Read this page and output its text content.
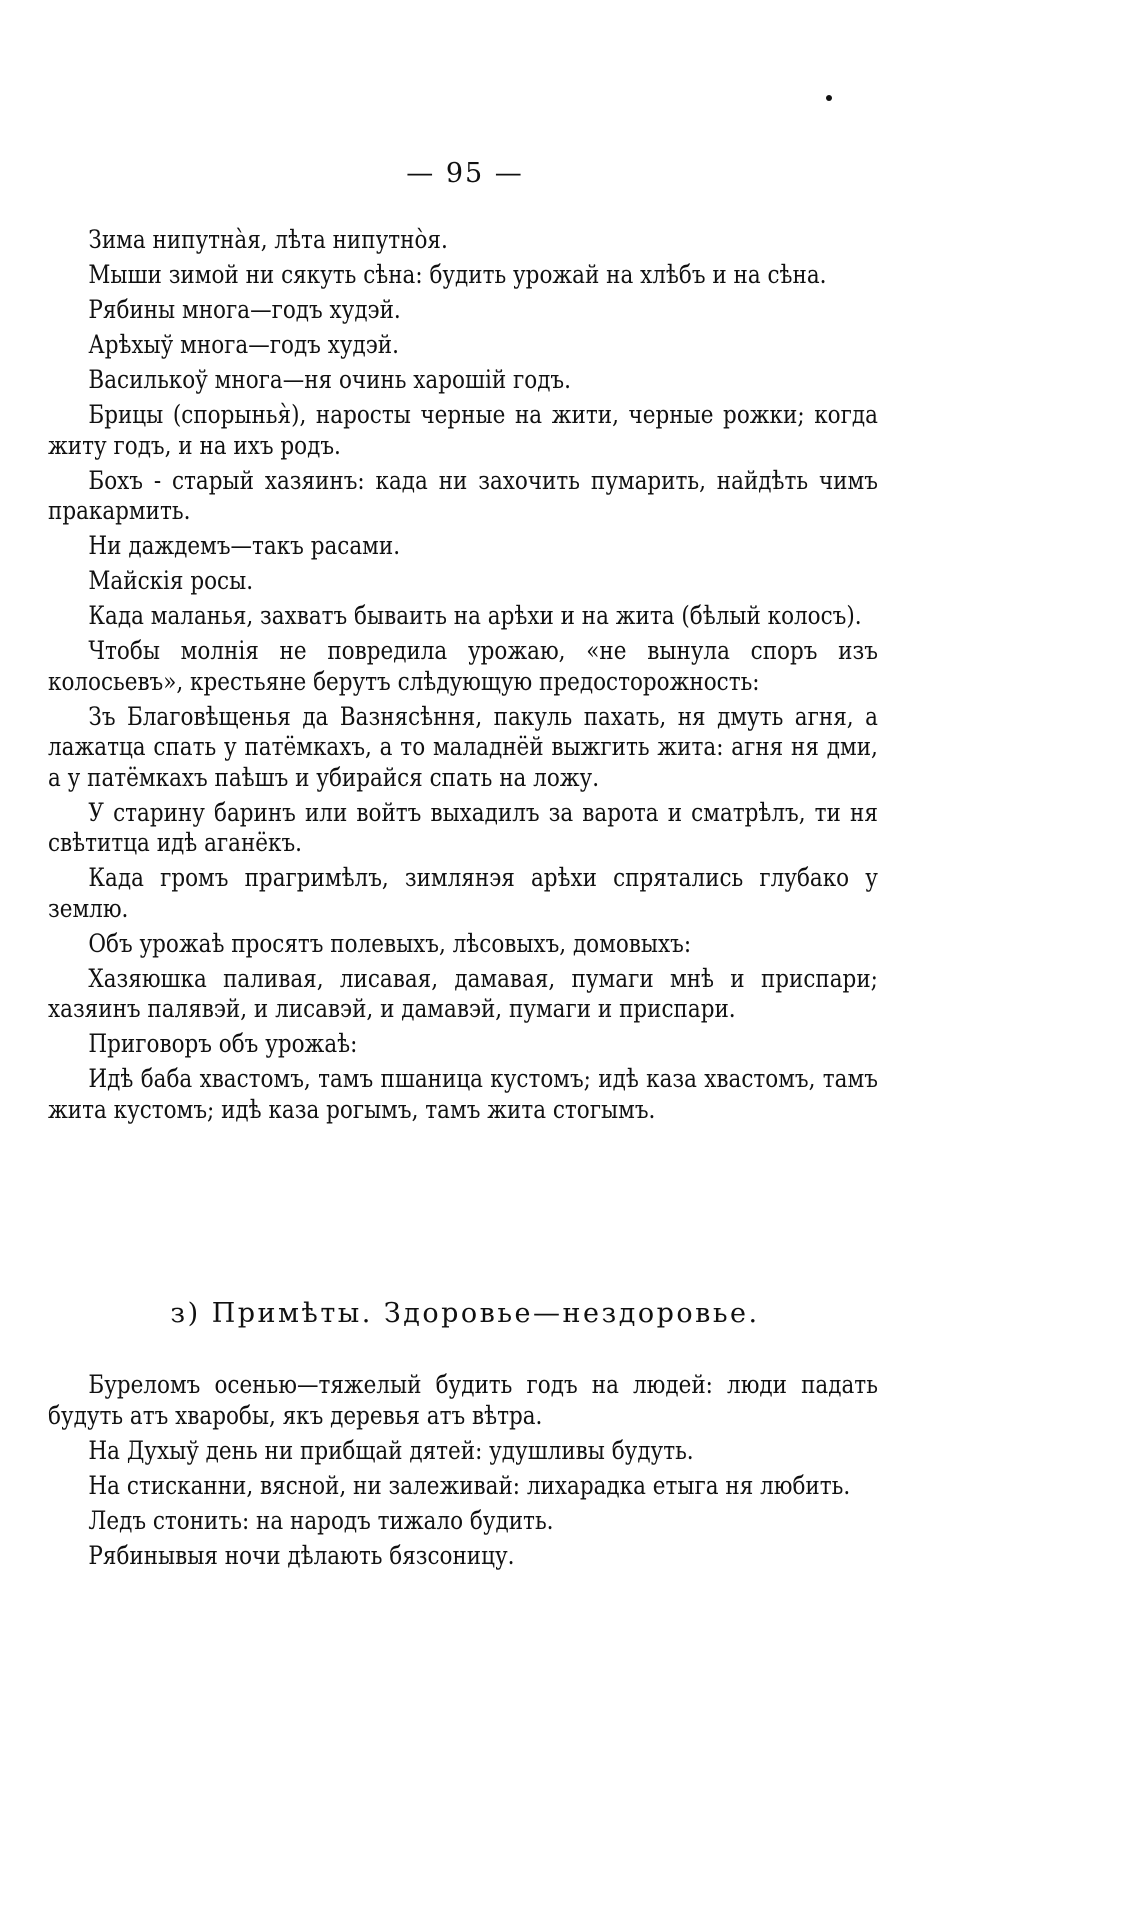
— 95 —

Зима нипутнàя, лѣта нипутнòя.

Мыши зимой ни сякуть сѣна: будить урожай на хлѣбъ и на сѣна.

Рябины многа—годъ худэй.

Арѣхыў многа—годъ худэй.

Василькоў многа—ня очинь харошій годъ.

Брицы (спорынья̀), наросты черные на жити, черные рожки; когда житу годъ, и на ихъ родъ.

Бохъ - старый хазяинъ: када ни захочить пумарить, найдѣть чимъ пракармить.

Ни даждемъ—такъ расами.

Майскія росы.

Када маланья, захватъ бываить на арѣхи и на жита (бѣлый колосъ).

Чтобы молнія не повредила урожаю, «не вынула споръ изъ колосьевъ», крестьяне берутъ слѣдующую предосторожность:

Зъ Благовѣщенья да Вазнясѣння, пакуль пахать, ня дмуть агня, а лажатца спать у патёмкахъ, а то маладнёй выжгить жита: агня ня дми, а у патёмкахъ паѣшъ и убирайся спать на ложу.

У старину баринъ или войтъ выхадилъ за варота и сматрѣлъ, ти ня свѣтитца идѣ аганёкъ.

Када громъ прагримѣлъ, зимлянэя арѣхи спрятались глубако у землю.

Объ урожаѣ просятъ полевыхъ, лѣсовыхъ, домовыхъ:

Хазяюшка паливая, лисавая, дамавая, пумаги мнѣ и приспари; хазяинъ палявэй, и лисавэй, и дамавэй, пумаги и приспари.

Приговоръ объ урожаѣ:

Идѣ баба хвастомъ, тамъ пшаница кустомъ; идѣ каза хвастомъ, тамъ жита кустомъ; идѣ каза рогымъ, тамъ жита стогымъ.

з) Примѣты. Здоровье—нездоровье.

Буреломъ осенью—тяжелый будить годъ на людей: люди падать будуть атъ хваробы, якъ деревья атъ вѣтра.

На Духыў день ни прибщай дятей: удушливы будуть.

На стисканни, вясной, ни залеживай: лихарадка етыга ня любить.

Ледъ стонить: на народъ тижало будить.

Рябинывыя ночи дѣлають бязсоницу.
